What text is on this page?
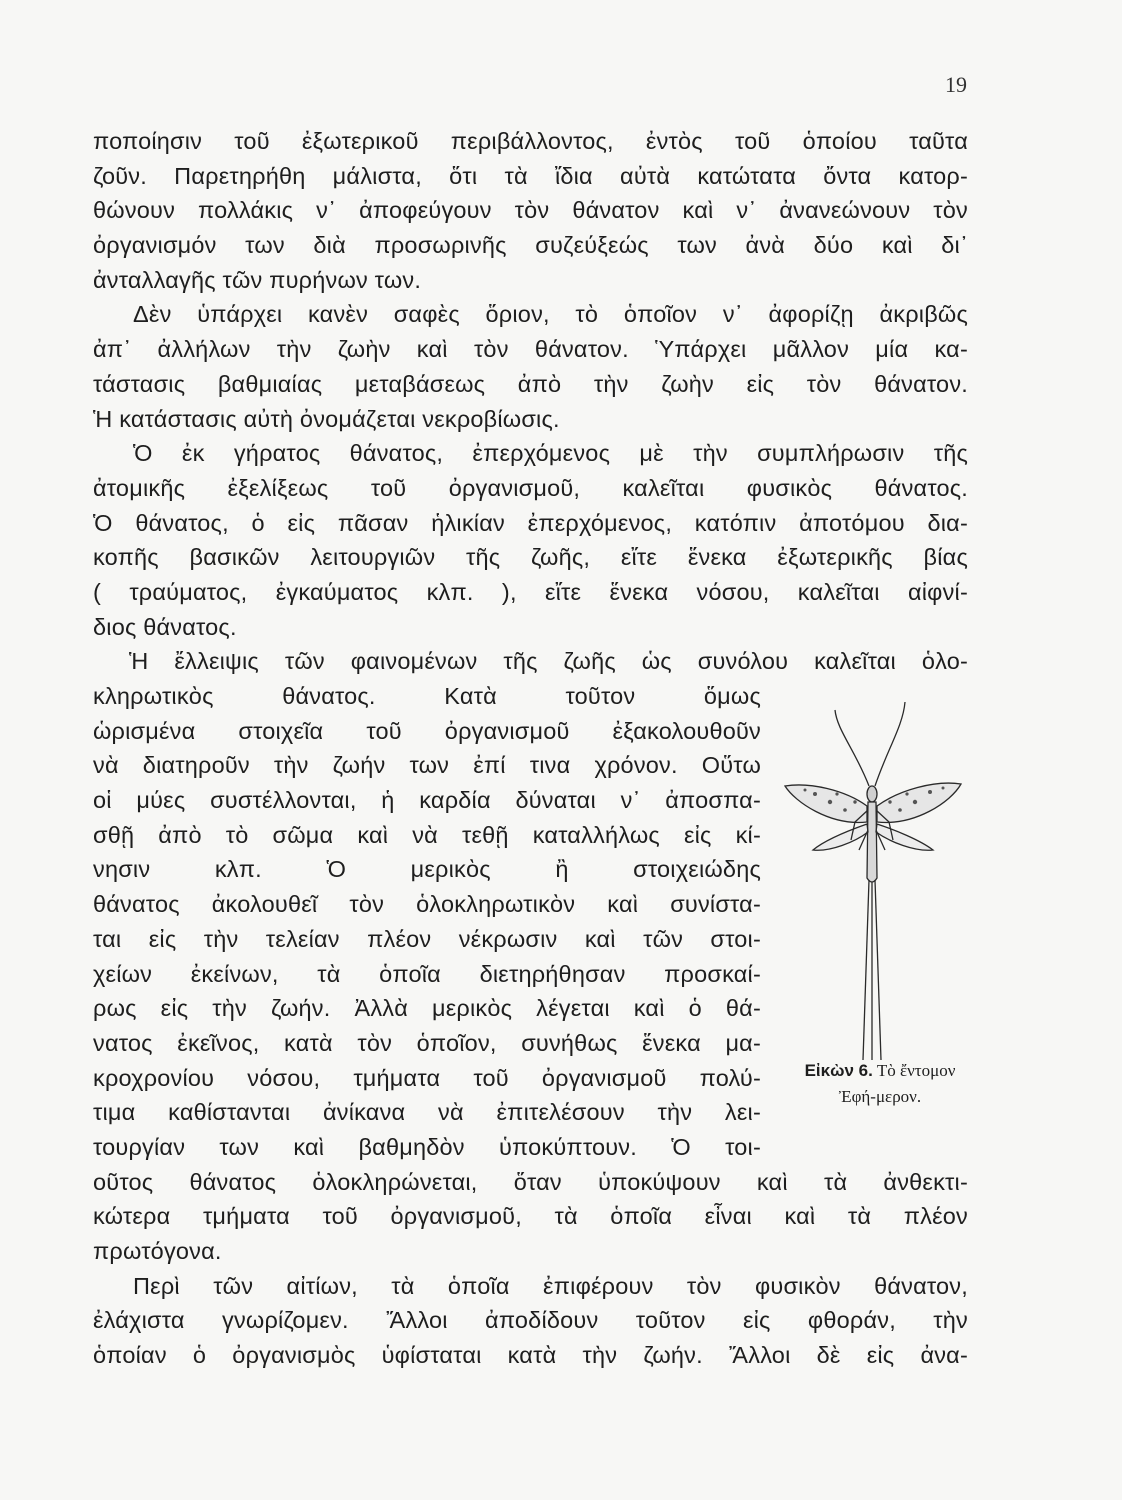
19
ποποίησιν τοῦ ἐξωτερικοῦ περιβάλλοντος, ἐντὸς τοῦ ὁποίου ταῦτα
ζοῦν. Παρετηρήθη μάλιστα, ὅτι τὰ ἴδια αὐτὰ κατώτατα ὄντα κατορ-
θώνουν πολλάκις ν᾽ ἀποφεύγουν τὸν θάνατον καὶ ν᾽ ἀνανεώνουν τὸν
ὀργανισμόν των διὰ προσωρινῆς συζεύξεώς των ἀνὰ δύο καὶ δι᾽
ἀνταλλαγῆς τῶν πυρήνων των.
Δὲν ὑπάρχει κανὲν σαφὲς ὅριον, τὸ ὁποῖον ν᾽ ἀφορίζῃ ἀκριβῶς
ἀπ᾽ ἀλλήλων τὴν ζωὴν καὶ τὸν θάνατον. Ὑπάρχει μᾶλλον μία κα-
τάστασις βαθμιαίας μεταβάσεως ἀπὸ τὴν ζωὴν εἰς τὸν θάνατον.
Ἡ κατάστασις αὐτὴ ὀνομάζεται νεκροβίωσις.
Ὁ ἐκ γήρατος θάνατος, ἐπερχόμενος μὲ τὴν συμπλήρωσιν τῆς
ἀτομικῆς ἐξελίξεως τοῦ ὀργανισμοῦ, καλεῖται φυσικὸς θάνατος.
Ὁ θάνατος, ὁ εἰς πᾶσαν ἡλικίαν ἐπερχόμενος, κατόπιν ἀποτόμου δια-
κοπῆς βασικῶν λειτουργιῶν τῆς ζωῆς, εἴτε ἕνεκα ἐξωτερικῆς βίας
( τραύματος, ἐγκαύματος κλπ. ), εἴτε ἕνεκα νόσου, καλεῖται αἰφνί-
διος θάνατος.
Ἡ ἔλλειψις τῶν φαινομένων τῆς ζωῆς ὡς συνόλου καλεῖται ὁλο-
κληρωτικὸς θάνατος. Κατὰ τοῦτον ὅμως
ὡρισμένα στοιχεῖα τοῦ ὀργανισμοῦ ἐξακολουθοῦν
νὰ διατηροῦν τὴν ζωήν των ἐπί τινα χρόνον. Οὕτω
οἱ μύες συστέλλονται, ἡ καρδία δύναται ν᾽ ἀποσπα-
σθῇ ἀπὸ τὸ σῶμα καὶ νὰ τεθῇ καταλλήλως εἰς κί-
νησιν κλπ. Ὁ μερικὸς ἢ στοιχειώδης
θάνατος ἀκολουθεῖ τὸν ὁλοκληρωτικὸν καὶ συνίστα-
ται εἰς τὴν τελείαν πλέον νέκρωσιν καὶ τῶν στοι-
χείων ἐκείνων, τὰ ὁποῖα διετηρήθησαν προσκαί-
ρως εἰς τὴν ζωήν. Ἀλλὰ μερικὸς λέγεται καὶ ὁ θά-
νατος ἐκεῖνος, κατὰ τὸν ὁποῖον, συνήθως ἕνεκα μα-
κροχρονίου νόσου, τμήματα τοῦ ὀργανισμοῦ πολύ-
τιμα καθίστανται ἀνίκανα νὰ ἐπιτελέσουν τὴν λει-
τουργίαν των καὶ βαθμηδὸν ὑποκύπτουν. Ὁ τοι-
οῦτος θάνατος ὁλοκληρώνεται, ὅταν ὑποκύψουν καὶ τὰ ἀνθεκτι-
κώτερα τμήματα τοῦ ὀργανισμοῦ, τὰ ὁποῖα εἶναι καὶ τὰ πλέον
πρωτόγονα.
Περὶ τῶν αἰτίων, τὰ ὁποῖα ἐπιφέρουν τὸν φυσικὸν θάνατον,
ἐλάχιστα γνωρίζομεν. Ἄλλοι ἀποδίδουν τοῦτον εἰς φθοράν, τὴν
ὁποίαν ὁ ὀργανισμὸς ὑφίσταται κατὰ τὴν ζωήν. Ἄλλοι δὲ εἰς ἀνα-
Εἰκὼν 6. Τὸ ἔντομον Ἐφή-μερον.
